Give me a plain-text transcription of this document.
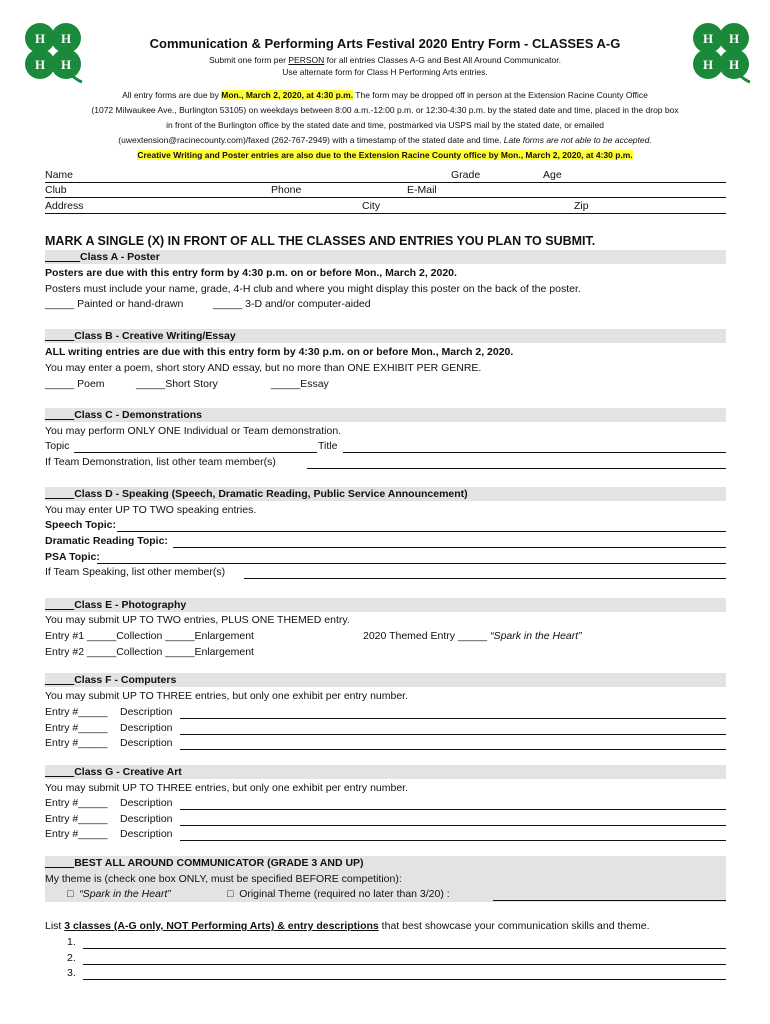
H H
H H
H H
H H
Communication & Performing Arts Festival 2020 Entry Form - CLASSES A-G
Submit one form per PERSON for all entries Classes A-G and Best All Around Communicator.
Use alternate form for Class H Performing Arts entries.
All entry forms are due by Mon., March 2, 2020, at 4:30 p.m. The form may be dropped off in person at the Extension Racine County Office
(1072 Milwaukee Ave., Burlington 53105) on weekdays between 8:00 a.m.-12:00 p.m. or 12:30-4:30 p.m. by the stated date and time, placed in the drop box
in front of the Burlington office by the stated date and time, postmarked via USPS mail by the stated date, or emailed
(uwextension@racinecounty.com)/faxed (262-767-2949) with a timestamp of the stated date and time. Late forms are not able to be accepted.
Creative Writing and Poster entries are also due to the Extension Racine County office by Mon., March 2, 2020, at 4:30 p.m.
Name	Grade	Age
Club	Phone	E-Mail
Address	City	Zip
MARK A SINGLE (X) IN FRONT OF ALL THE CLASSES AND ENTRIES YOU PLAN TO SUBMIT.
______Class A - Poster
Posters are due with this entry form by 4:30 p.m. on or before Mon., March 2, 2020.
Posters must include your name, grade, 4-H club and where you might display this poster on the back of the poster.
_____ Painted or hand-drawn	_____ 3-D and/or computer-aided
_____Class B - Creative Writing/Essay
ALL writing entries are due with this entry form by 4:30 p.m. on or before Mon., March 2, 2020.
You may enter a poem, short story AND essay, but no more than ONE EXHIBIT PER GENRE.
_____ Poem	_____Short Story	_____Essay
_____Class C - Demonstrations
You may perform ONLY ONE Individual or Team demonstration.
Topic	Title
If Team Demonstration, list other team member(s)
_____Class D - Speaking (Speech, Dramatic Reading, Public Service Announcement)
You may enter UP TO TWO speaking entries.
Speech Topic:
Dramatic Reading Topic:
PSA Topic:
If Team Speaking, list other member(s)
_____Class E - Photography
You may submit UP TO TWO entries, PLUS ONE THEMED entry.
Entry #1 _____Collection _____Enlargement	2020 Themed Entry _____ “Spark in the Heart”
Entry #2 _____Collection _____Enlargement
_____Class F - Computers
You may submit UP TO THREE entries, but only one exhibit per entry number.
Entry #_____ Description
Entry #_____ Description
Entry #_____ Description
_____Class G - Creative Art
You may submit UP TO THREE entries, but only one exhibit per entry number.
Entry #_____ Description
Entry #_____ Description
Entry #_____ Description
_____BEST ALL AROUND COMMUNICATOR (GRADE 3 AND UP)
My theme is (check one box ONLY, must be specified BEFORE competition):
□ “Spark in the Heart”	□ Original Theme (required no later than 3/20) :
List 3 classes (A-G only, NOT Performing Arts) & entry descriptions that best showcase your communication skills and theme.
1.
2.
3.
